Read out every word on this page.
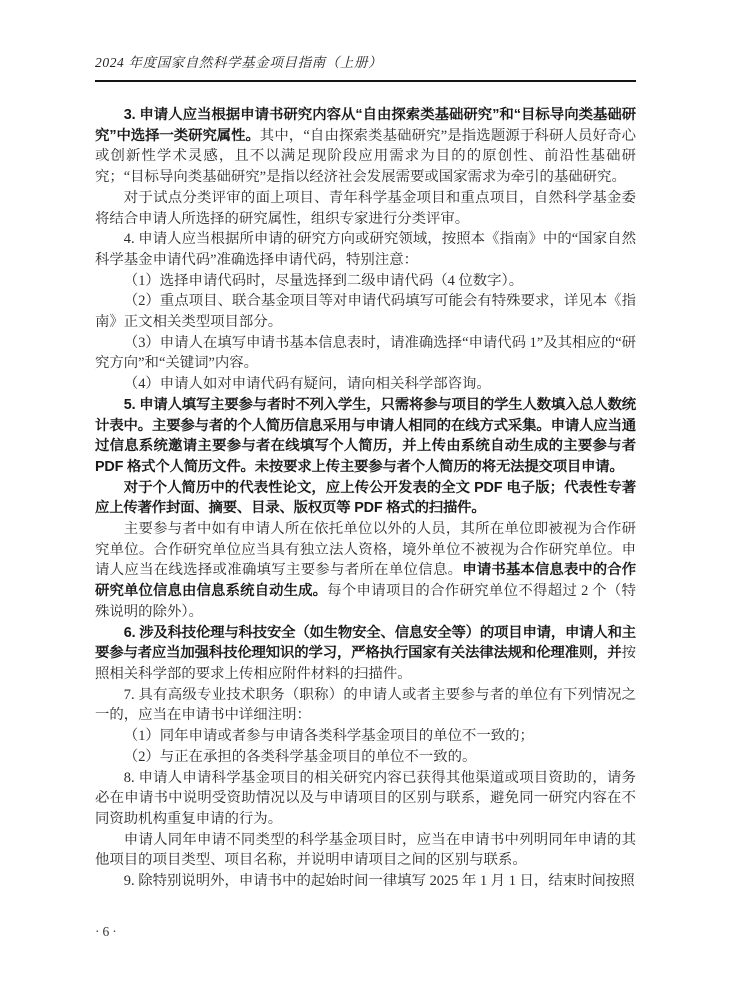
2024 年度国家自然科学基金项目指南（上册）

3. 申请人应当根据申请书研究内容从“自由探索类基础研究”和“目标导向类基础研究”中选择一类研究属性。其中，“自由探索类基础研究”是指选题源于科研人员好奇心或创新性学术灵感，且不以满足现阶段应用需求为目的的原创性、前沿性基础研究；“目标导向类基础研究”是指以经济社会发展需要或国家需求为牵引的基础研究。

对于试点分类评审的面上项目、青年科学基金项目和重点项目，自然科学基金委将结合申请人所选择的研究属性，组织专家进行分类评审。

4. 申请人应当根据所申请的研究方向或研究领域，按照本《指南》中的“国家自然科学基金申请代码”准确选择申请代码，特别注意：

（1）选择申请代码时，尽量选择到二级申请代码（4 位数字）。

（2）重点项目、联合基金项目等对申请代码填写可能会有特殊要求，详见本《指南》正文相关类型项目部分。

（3）申请人在填写申请书基本信息表时，请准确选择“申请代码 1”及其相应的“研究方向”和“关键词”内容。

（4）申请人如对申请代码有疑问，请向相关科学部咨询。

5. 申请人填写主要参与者时不列入学生，只需将参与项目的学生人数填入总人数统计表中。主要参与者的个人简历信息采用与申请人相同的在线方式采集。申请人应当通过信息系统邀请主要参与者在线填写个人简历，并上传由系统自动生成的主要参与者 PDF 格式个人简历文件。未按要求上传主要参与者个人简历的将无法提交项目申请。

对于个人简历中的代表性论文，应上传公开发表的全文 PDF 电子版；代表性专著应上传著作封面、摘要、目录、版权页等 PDF 格式的扫描件。

主要参与者中如有申请人所在依托单位以外的人员，其所在单位即被视为合作研究单位。合作研究单位应当具有独立法人资格，境外单位不被视为合作研究单位。申请人应当在线选择或准确填写主要参与者所在单位信息。申请书基本信息表中的合作研究单位信息由信息系统自动生成。每个申请项目的合作研究单位不得超过 2 个（特殊说明的除外）。

6. 涉及科技伦理与科技安全（如生物安全、信息安全等）的项目申请，申请人和主要参与者应当加强科技伦理知识的学习，严格执行国家有关法律法规和伦理准则，并按照相关科学部的要求上传相应附件材料的扫描件。

7. 具有高级专业技术职务（职称）的申请人或者主要参与者的单位有下列情况之一的，应当在申请书中详细注明：

（1）同年申请或者参与申请各类科学基金项目的单位不一致的；

（2）与正在承担的各类科学基金项目的单位不一致的。

8. 申请人申请科学基金项目的相关研究内容已获得其他渠道或项目资助的，请务必在申请书中说明受资助情况以及与申请项目的区别与联系，避免同一研究内容在不同资助机构重复申请的行为。

申请人同年申请不同类型的科学基金项目时，应当在申请书中列明同年申请的其他项目的项目类型、项目名称，并说明申请项目之间的区别与联系。

9. 除特别说明外，申请书中的起始时间一律填写 2025 年 1 月 1 日，结束时间按照

·6·
